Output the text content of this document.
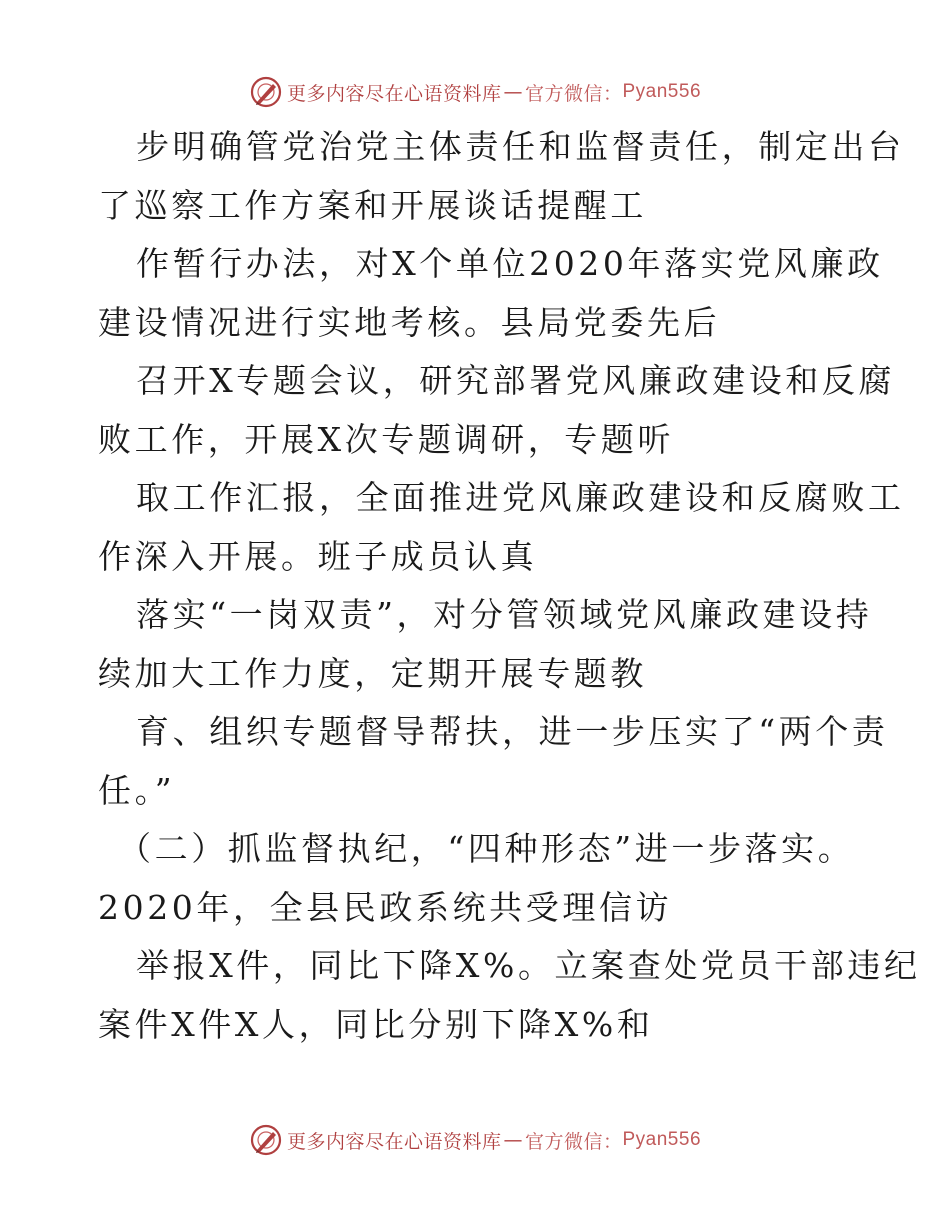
更多内容尽在心语资料库 — 官方微信： Pyan556
步明确管党治党主体责任和监督责任，制定出台
了巡察工作方案和开展谈话提醒工
作暂行办法，对X个单位2020年落实党风廉政
建设情况进行实地考核。县局党委先后
召开X专题会议，研究部署党风廉政建设和反腐
败工作，开展X次专题调研，专题听
取工作汇报，全面推进党风廉政建设和反腐败工
作深入开展。班子成员认真
落实“一岗双责”，对分管领域党风廉政建设持
续加大工作力度，定期开展专题教
育、组织专题督导帮扶，进一步压实了“两个责
任。”
（二）抓监督执纪，“四种形态”进一步落实。
2020年，全县民政系统共受理信访
举报X件，同比下降X%。立案查处党员干部违纪
案件X件X人，同比分别下降X%和
更多内容尽在心语资料库 — 官方微信： Pyan556
